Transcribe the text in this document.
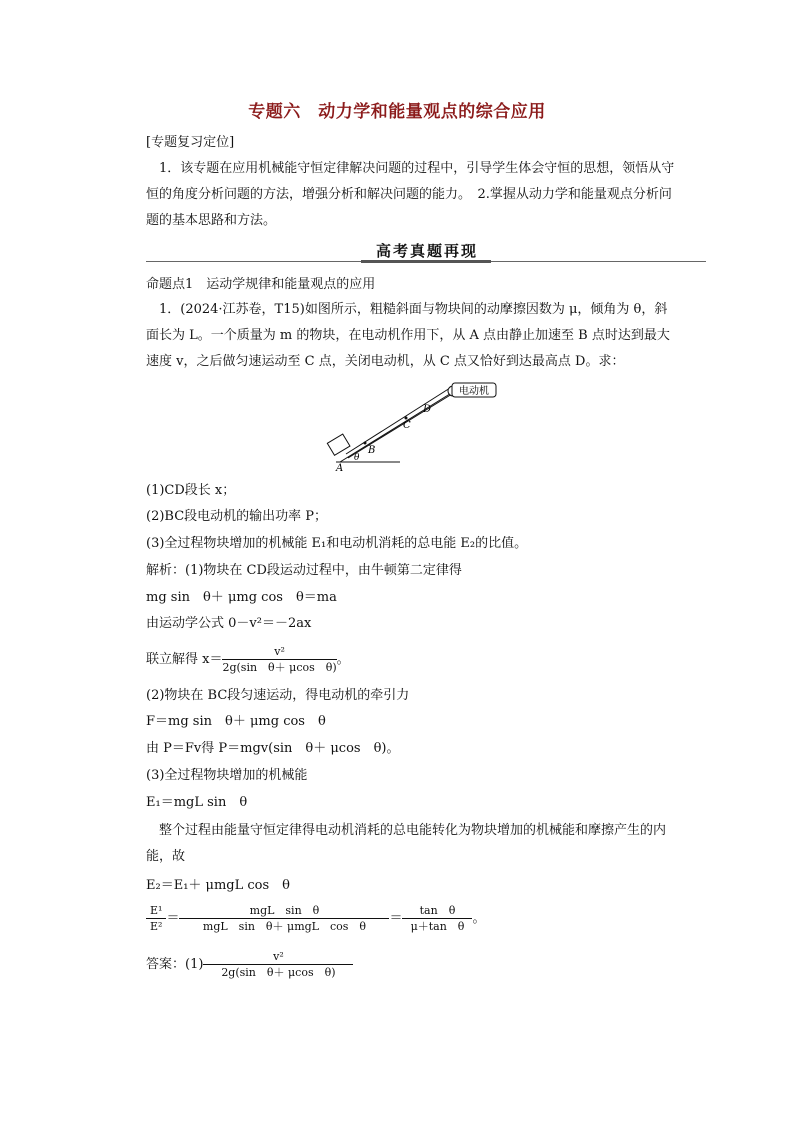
专题六　动力学和能量观点的综合应用
[专题复习定位]
1．该专题在应用机械能守恒定律解决问题的过程中，引导学生体会守恒的思想，领悟从守恒的角度分析问题的方法，增强分析和解决问题的能力。　2.掌握从动力学和能量观点分析问题的基本思路和方法。
高考真题再现
命题点1　运动学规律和能量观点的应用
1．(2024·江苏卷，T15)如图所示，粗糙斜面与物块间的动摩擦因数为 μ，倾角为 θ，斜面长为 L。一个质量为 m 的物块，在电动机作用下，从 A 点由静止加速至 B 点时达到最大速度 v，之后做匀速运动至 C 点，关闭电动机，从 C 点又恰好到达最高点 D。求：
电动机
A
B
C
D
θ
(1)CD段长 x；
(2)BC段电动机的输出功率 P；
(3)全过程物块增加的机械能 E₁和电动机消耗的总电能 E₂的比值。
解析：(1)物块在 CD段运动过程中，由牛顿第二定律得
mg sin　θ＋ μmg cos　θ＝ma
由运动学公式 0－v²＝－2ax
联立解得 $x= \frac{\text{v²}}{\text{2g(sin　θ＋ μcos　θ)}}$ 。
(2)物块在 BC段匀速运动，得电动机的牵引力
F＝mg sin　θ＋ μmg cos　θ
由 P＝Fv得 P＝mgv(sin　θ＋ μcos　θ)。
(3)全过程物块增加的机械能
E₁＝mgL sin　θ
整个过程由能量守恒定律得电动机消耗的总电能转化为物块增加的机械能和摩擦产生的内能，故
E₂＝E₁＋ μmgL cos　θ
$\frac{\text{E¹}}{\text{E²}} = \frac{\text{mgL　sin　θ}}{\text{mgL　sin　θ＋ μmgL　cos　θ}} = \frac{\text{tan　θ}}{\text{μ＋tan　θ}}$ 。
答案：$(1) \frac{\text{v²}}{\text{2g(sin　θ＋ μcos　θ)}}$
